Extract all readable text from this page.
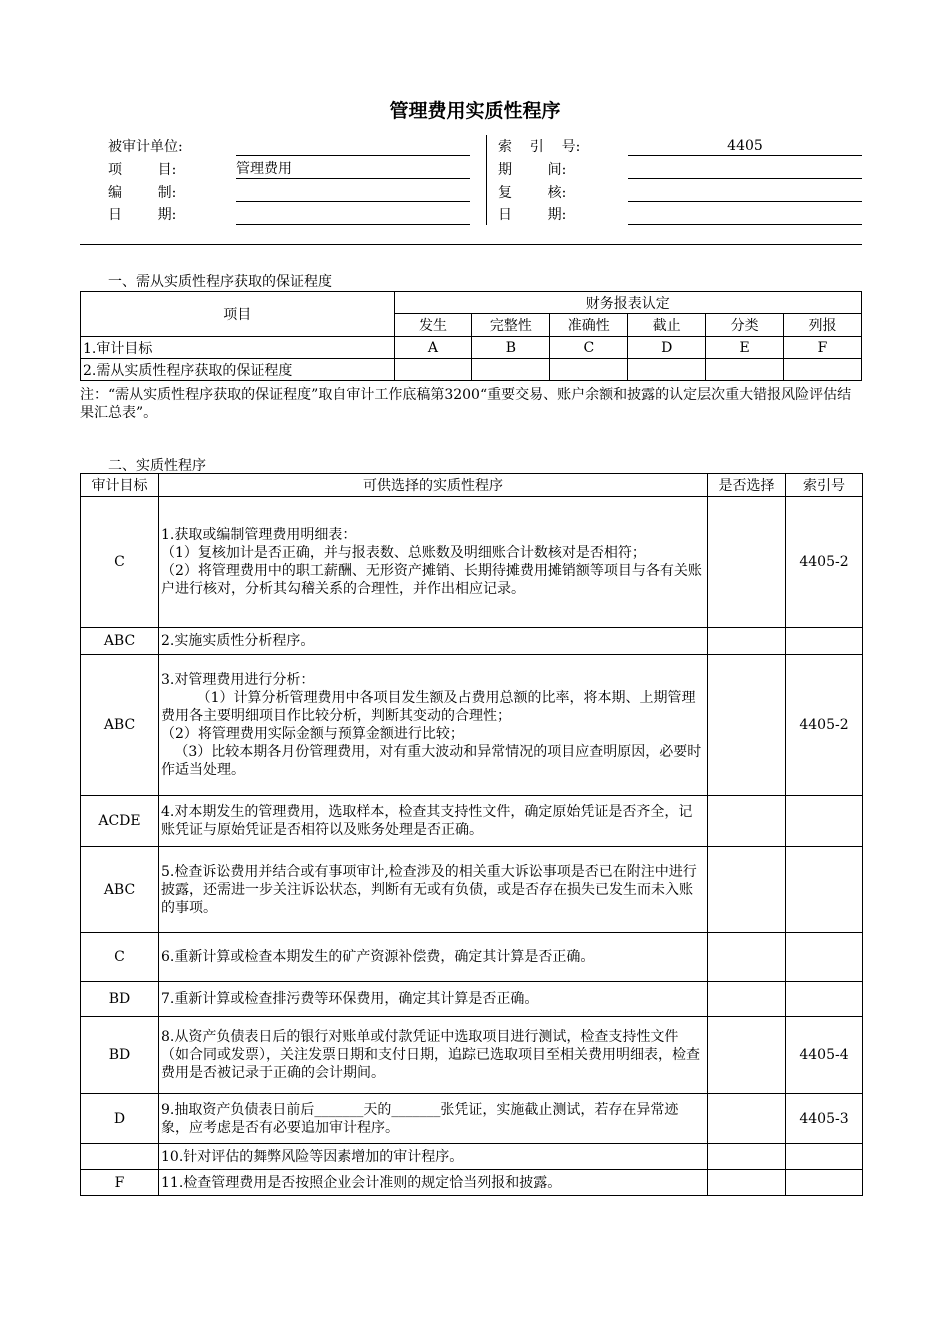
管理费用实质性程序
被审计单位:
项        目:	管理费用
编        制:
日        期:
索    引    号:	4405
期        间:
复        核:
日        期:
一、需从实质性程序获取的保证程度
项目	财务报表认定					
	发生	完整性	准确性	截止	分类	列报
1.审计目标	A	B	C	D	E	F
2.需从实质性程序获取的保证程度						
注：“需从实质性程序获取的保证程度”取自审计工作底稿第3200“重要交易、账户余额和披露的认定层次重大错报风险评估结果汇总表”。
二、实质性程序
审计目标	可供选择的实质性程序	是否选择	索引号
C	1.获取或编制管理费用明细表：
（1）复核加计是否正确，并与报表数、总账数及明细账合计数核对是否相符；
（2）将管理费用中的职工薪酬、无形资产摊销、长期待摊费用摊销额等项目与各有关账户进行核对，分析其勾稽关系的合理性，并作出相应记录。		4405-2
ABC	2.实施实质性分析程序。		
ABC	3.对管理费用进行分析：
（1）计算分析管理费用中各项目发生额及占费用总额的比率，将本期、上期管理费用各主要明细项目作比较分析，判断其变动的合理性；
（2）将管理费用实际金额与预算金额进行比较；
（3）比较本期各月份管理费用，对有重大波动和异常情况的项目应查明原因，必要时作适当处理。		4405-2
ACDE	4.对本期发生的管理费用，选取样本，检查其支持性文件，确定原始凭证是否齐全，记账凭证与原始凭证是否相符以及账务处理是否正确。		
ABC	5.检查诉讼费用并结合或有事项审计,检查涉及的相关重大诉讼事项是否已在附注中进行披露，还需进一步关注诉讼状态，判断有无或有负债，或是否存在损失已发生而未入账的事项。		
C	6.重新计算或检查本期发生的矿产资源补偿费，确定其计算是否正确。		
BD	7.重新计算或检查排污费等环保费用，确定其计算是否正确。		
BD	8.从资产负债表日后的银行对账单或付款凭证中选取项目进行测试，检查支持性文件（如合同或发票），关注发票日期和支付日期，追踪已选取项目至相关费用明细表，检查费用是否被记录于正确的会计期间。		4405-4
D	9.抽取资产负债表日前后_______天的_______张凭证，实施截止测试，若存在异常迹象，应考虑是否有必要追加审计程序。		4405-3
	10.针对评估的舞弊风险等因素增加的审计程序。		
F	11.检查管理费用是否按照企业会计准则的规定恰当列报和披露。		
